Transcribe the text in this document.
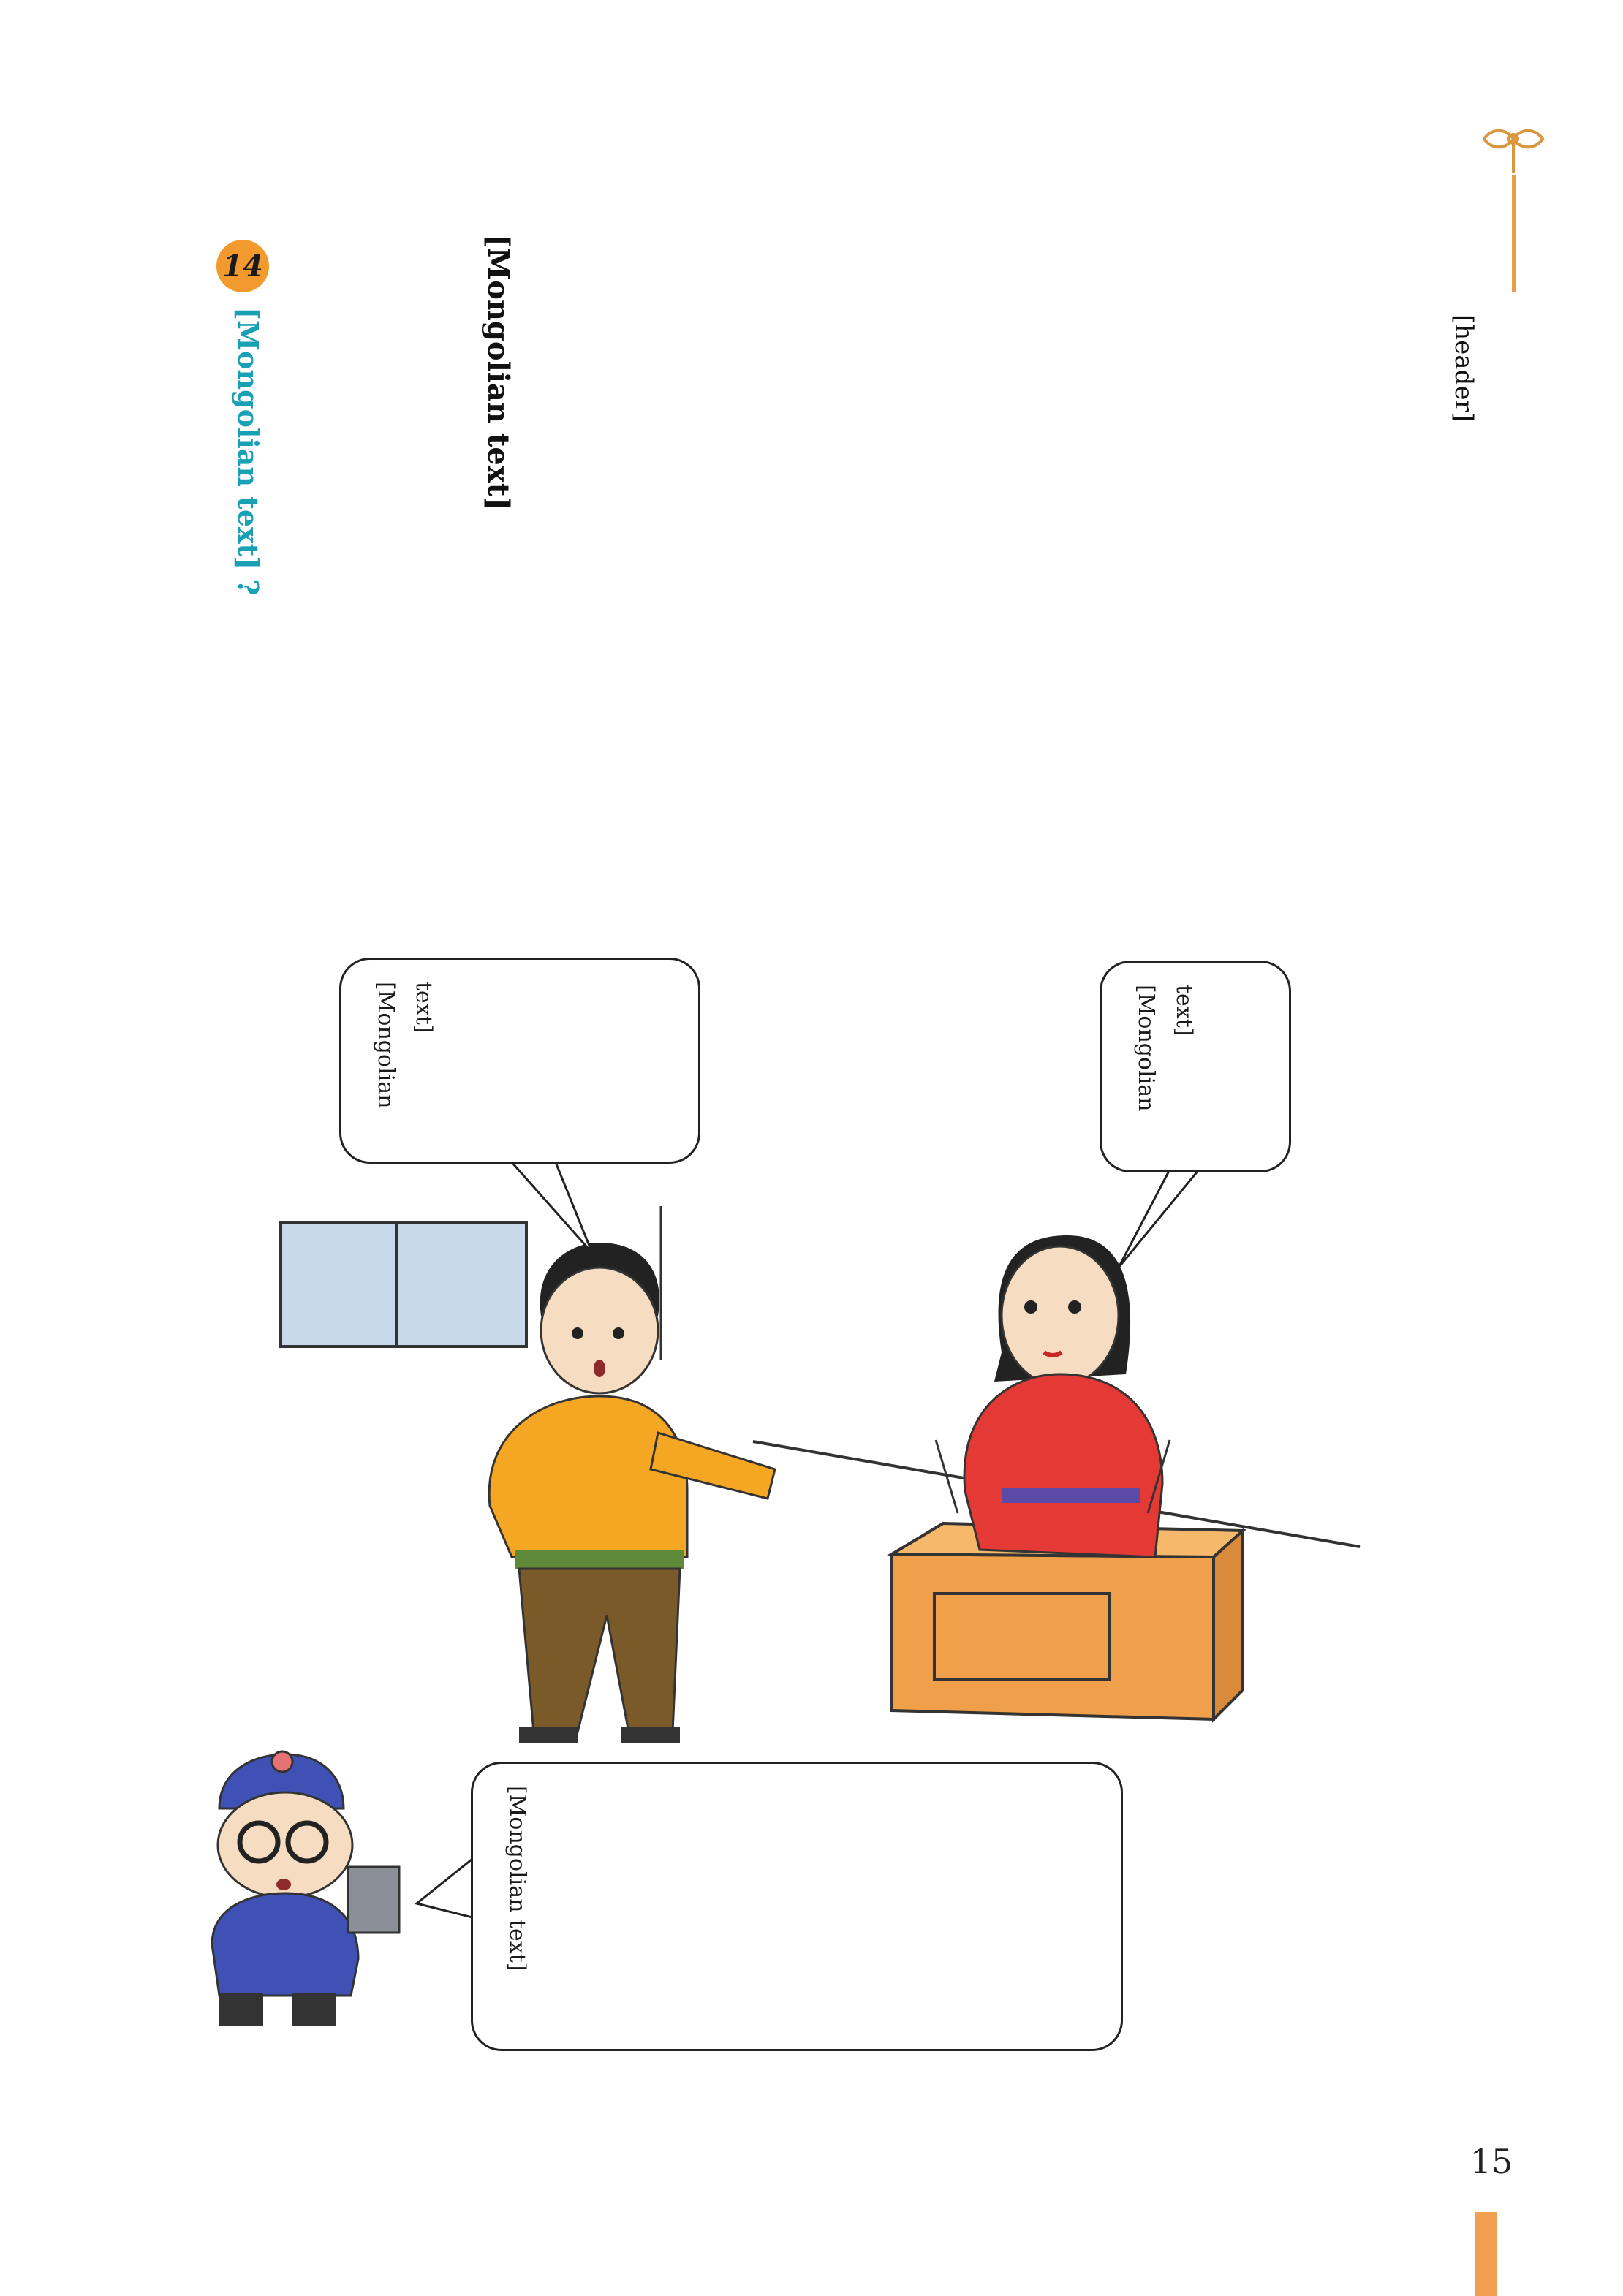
[header]
[Mongolian text]
14
[Mongolian text] ?
[Mongolian text]
[Mongolian text]
[Mongolian text]
15
